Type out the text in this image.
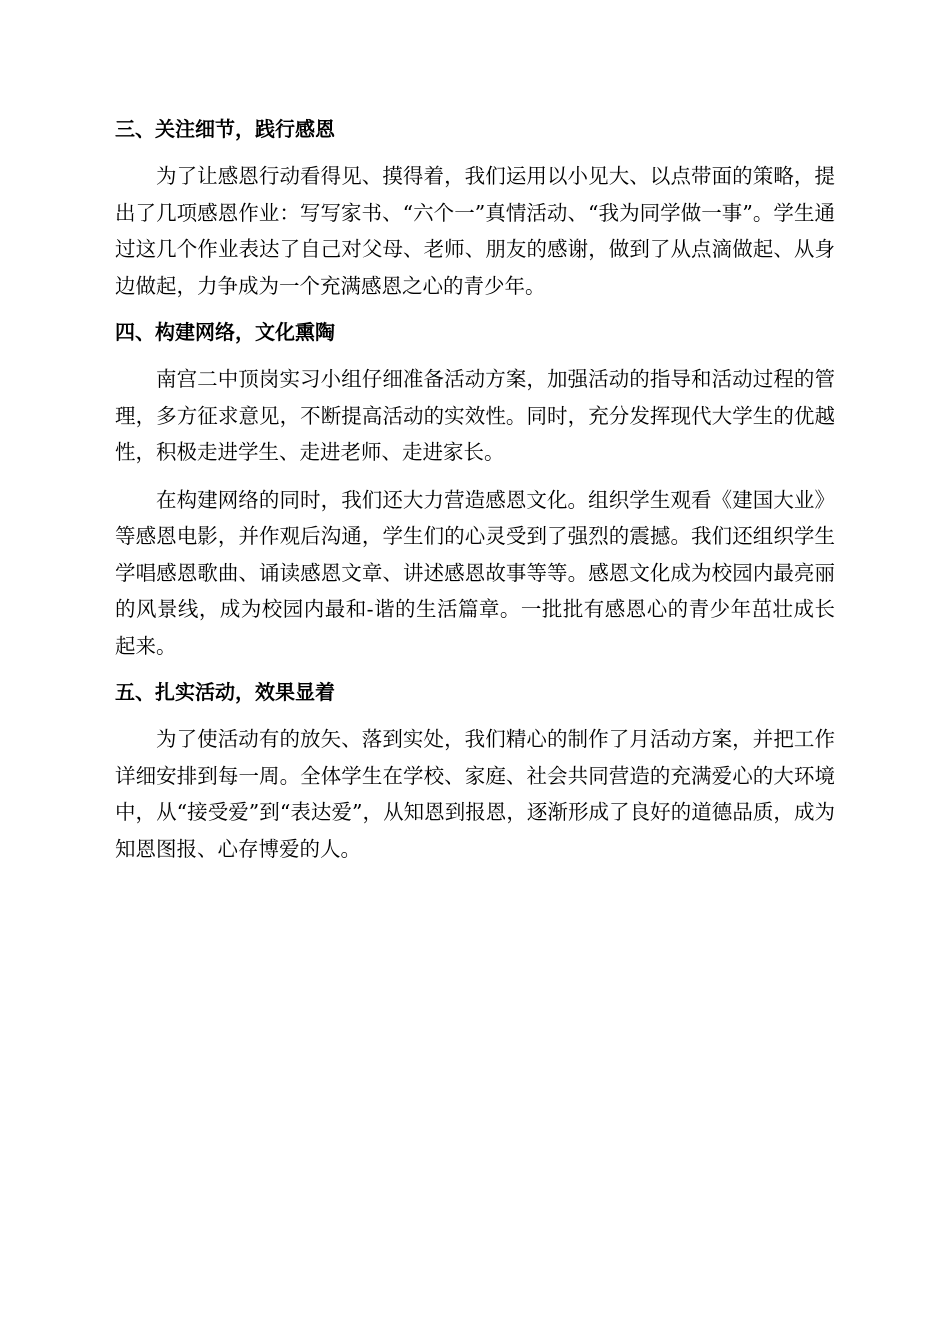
三、关注细节，践行感恩

为了让感恩行动看得见、摸得着，我们运用以小见大、以点带面的策略，提出了几项感恩作业：写写家书、“六个一”真情活动、“我为同学做一事”。学生通过这几个作业表达了自己对父母、老师、朋友的感谢，做到了从点滴做起、从身边做起，力争成为一个充满感恩之心的青少年。

四、构建网络，文化熏陶

南宫二中顶岗实习小组仔细准备活动方案，加强活动的指导和活动过程的管理，多方征求意见，不断提高活动的实效性。同时，充分发挥现代大学生的优越性，积极走进学生、走进老师、走进家长。

在构建网络的同时，我们还大力营造感恩文化。组织学生观看《建国大业》等感恩电影，并作观后沟通，学生们的心灵受到了强烈的震撼。我们还组织学生学唱感恩歌曲、诵读感恩文章、讲述感恩故事等等。感恩文化成为校园内最亮丽的风景线，成为校园内最和-谐的生活篇章。一批批有感恩心的青少年茁壮成长起来。

五、扎实活动，效果显着

为了使活动有的放矢、落到实处，我们精心的制作了月活动方案，并把工作详细安排到每一周。全体学生在学校、家庭、社会共同营造的充满爱心的大环境中，从“接受爱”到“表达爱”，从知恩到报恩，逐渐形成了良好的道德品质，成为知恩图报、心存博爱的人。
